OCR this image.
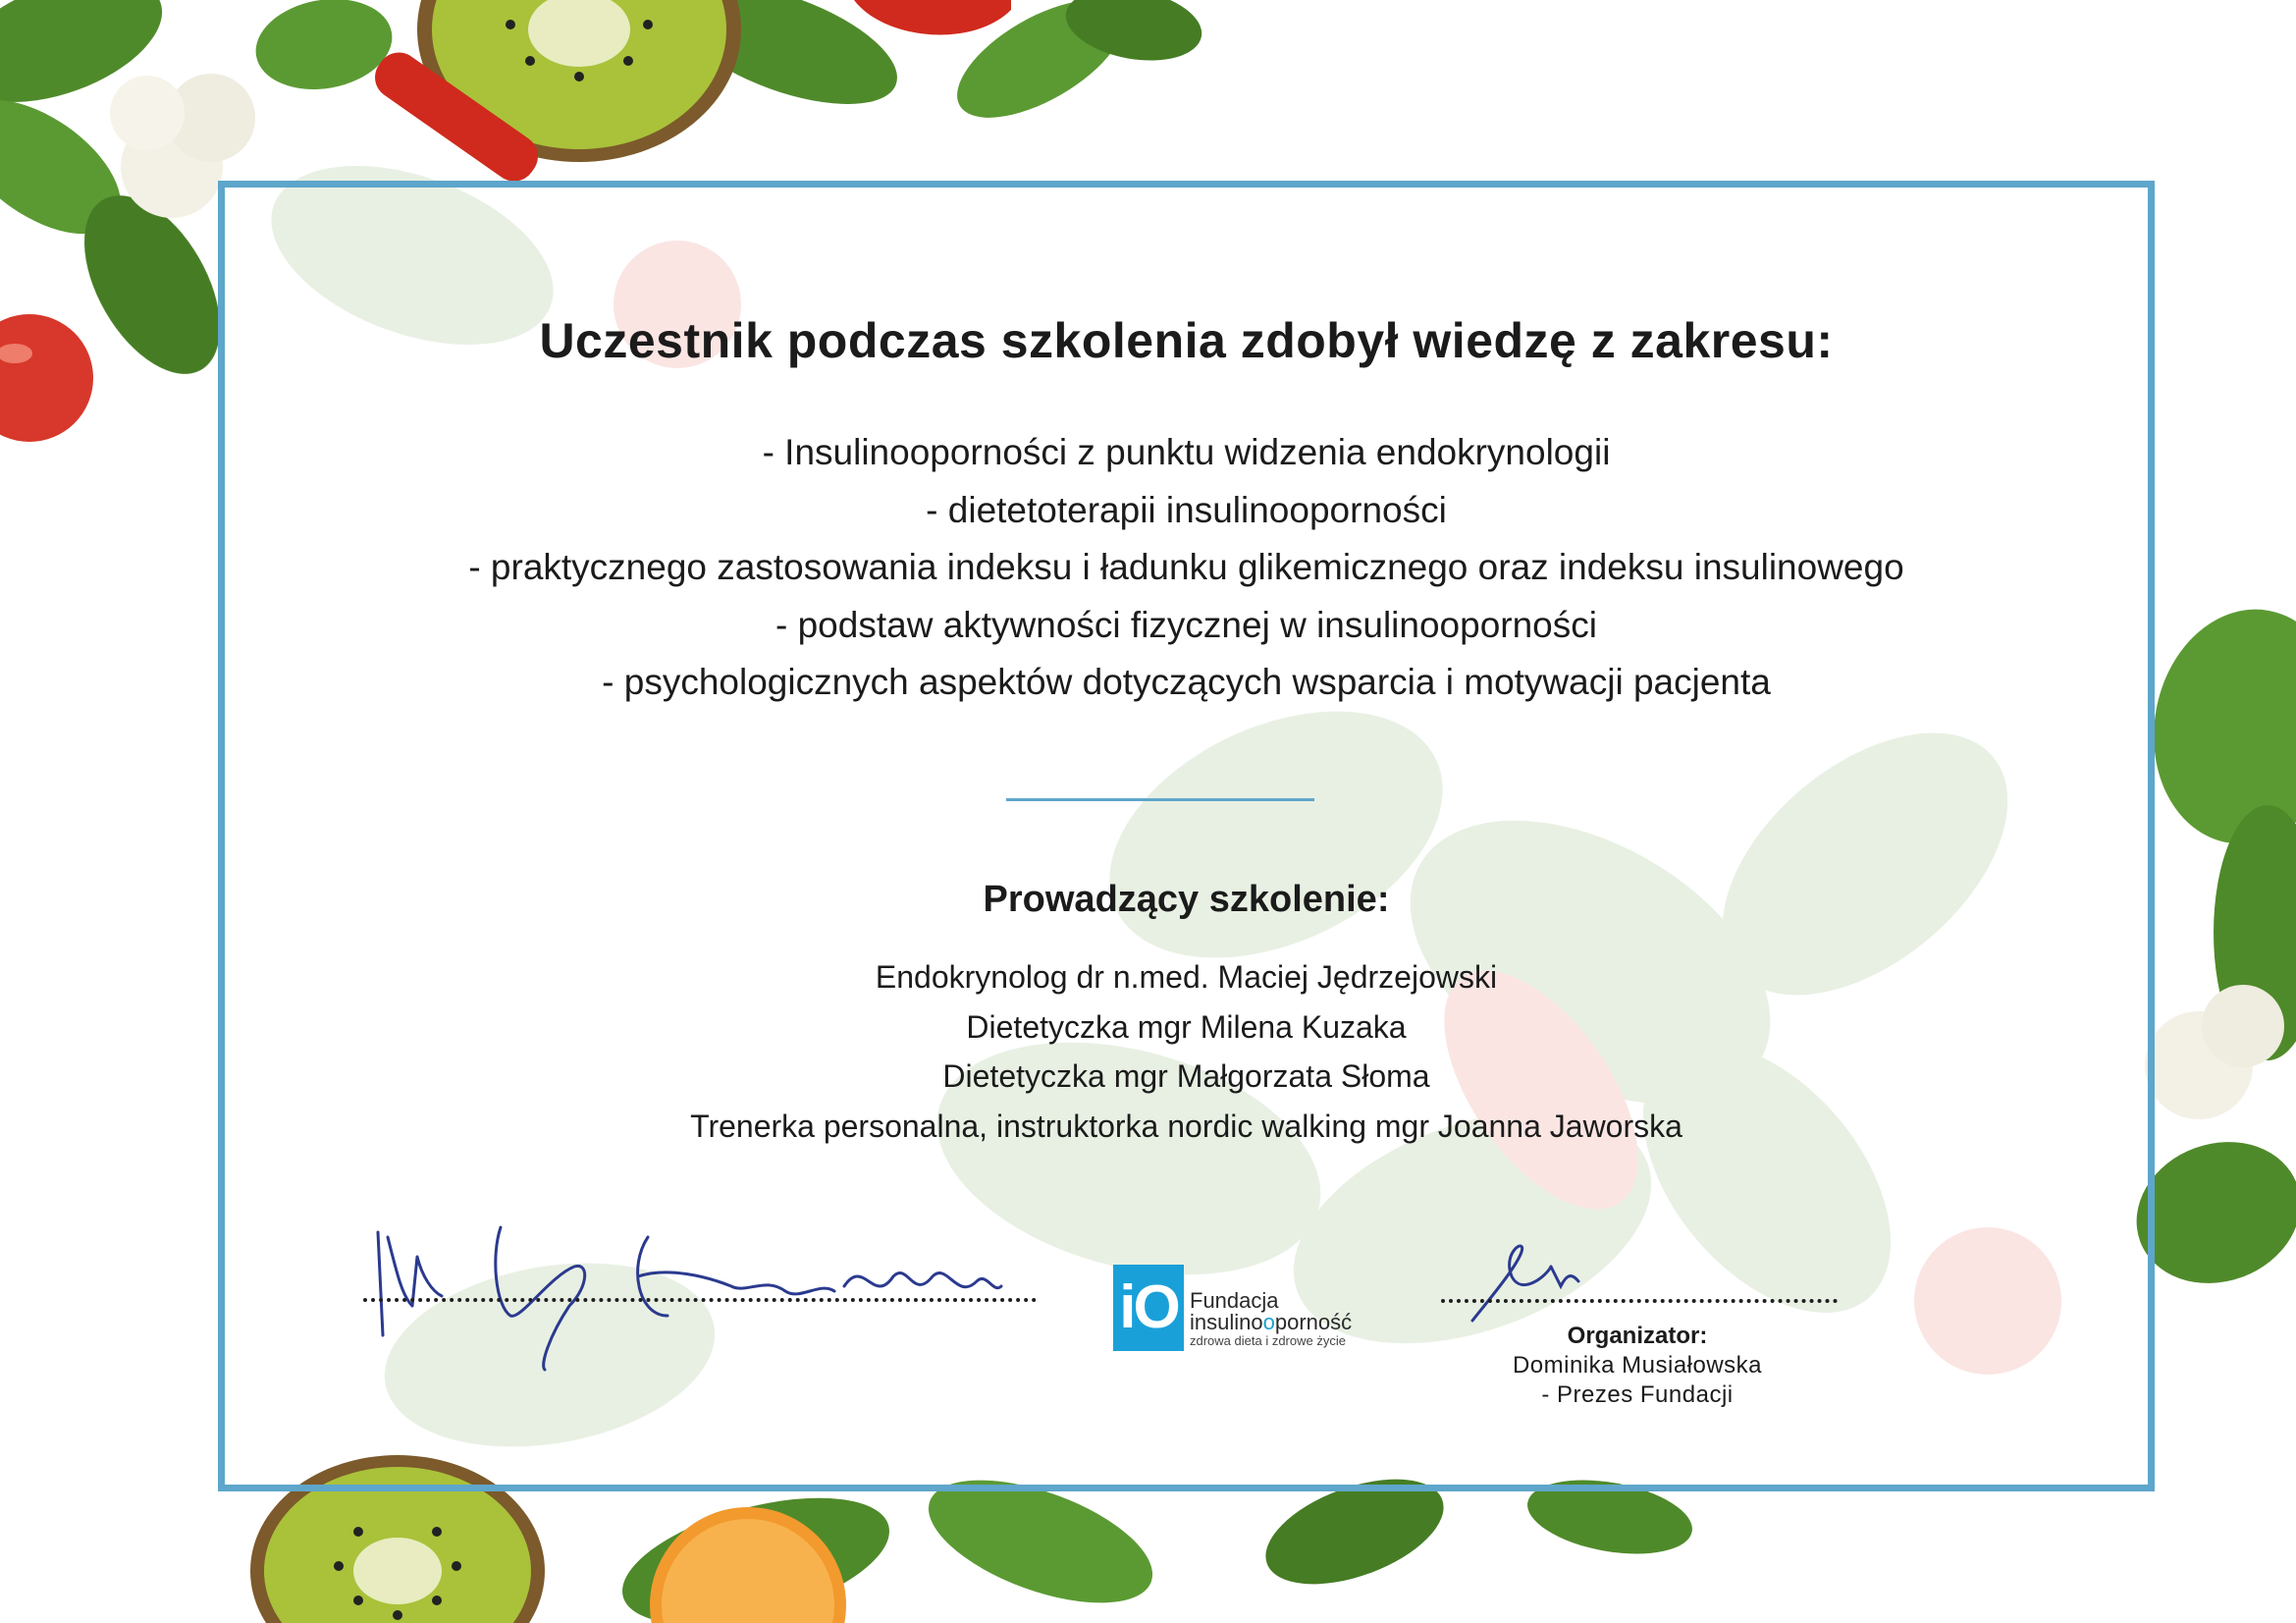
Uczestnik podczas szkolenia zdobył wiedzę z zakresu:
- Insulinooporności z punktu widzenia endokrynologii
- dietetoterapii insulinooporności
- praktycznego zastosowania indeksu i ładunku glikemicznego oraz indeksu insulinowego
- podstaw aktywności fizycznej w insulinooporności
- psychologicznych aspektów dotyczących wsparcia i motywacji pacjenta
Prowadzący szkolenie:
Endokrynolog dr n.med. Maciej Jędrzejowski
Dietetyczka mgr Milena Kuzaka
Dietetyczka mgr Małgorzata Słoma
Trenerka personalna, instruktorka nordic walking mgr Joanna Jaworska
iO Fundacja
insulinooporność
zdrowa dieta i zdrowe życie	Organizator:
Dominika Musiałowska
- Prezes Fundacji
